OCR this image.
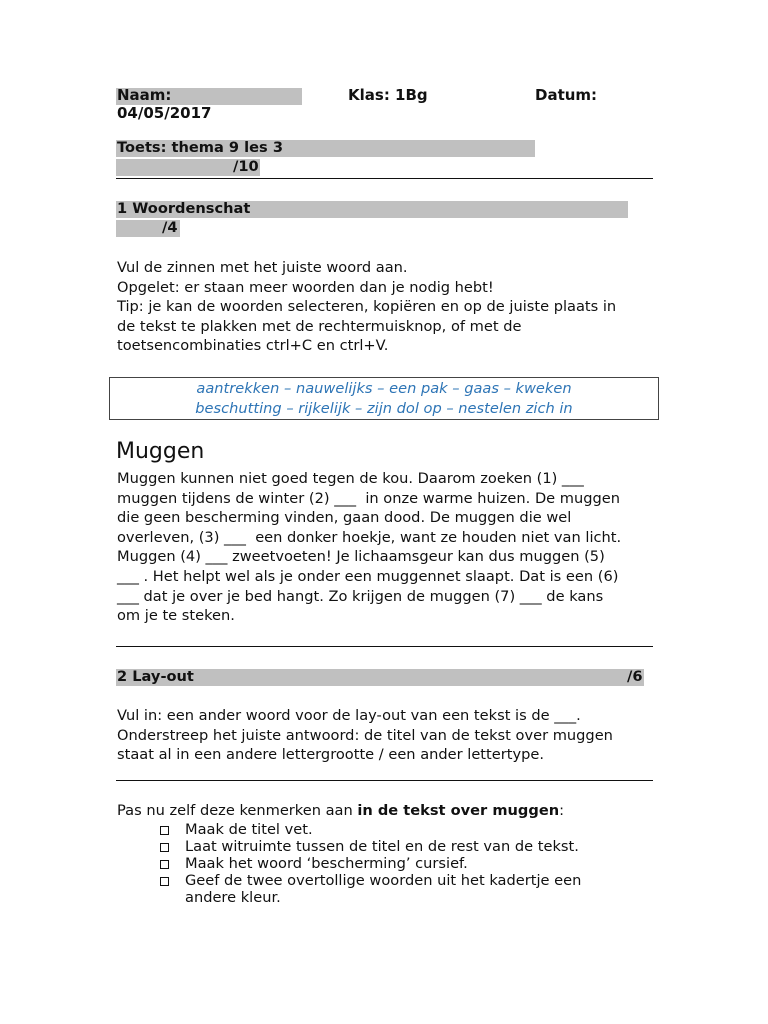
Naam:	Klas: 1Bg	Datum:
04/05/2017
Toets: thema 9 les 3
/10
1 Woordenschat
/4
Vul de zinnen met het juiste woord aan.
Opgelet: er staan meer woorden dan je nodig hebt!
Tip: je kan de woorden selecteren, kopiëren en op de juiste plaats in
de tekst te plakken met de rechtermuisknop, of met de
toetsencombinaties ctrl+C en ctrl+V.
aantrekken – nauwelijks – een pak – gaas – kweken
beschutting – rijkelijk – zijn dol op – nestelen zich in
Muggen
Muggen kunnen niet goed tegen de kou. Daarom zoeken (1) ___
muggen tijdens de winter (2) ___  in onze warme huizen. De muggen
die geen bescherming vinden, gaan dood. De muggen die wel
overleven, (3) ___  een donker hoekje, want ze houden niet van licht.
Muggen (4) ___ zweetvoeten! Je lichaamsgeur kan dus muggen (5)
___ . Het helpt wel als je onder een muggennet slaapt. Dat is een (6)
___ dat je over je bed hangt. Zo krijgen de muggen (7) ___ de kans
om je te steken.
2 Lay-out	/6
Vul in: een ander woord voor de lay-out van een tekst is de ___.
Onderstreep het juiste antwoord: de titel van de tekst over muggen
staat al in een andere lettergrootte / een ander lettertype.
Pas nu zelf deze kenmerken aan in de tekst over muggen:
Maak de titel vet.
Laat witruimte tussen de titel en de rest van de tekst.
Maak het woord ‘bescherming’ cursief.
Geef de twee overtollige woorden uit het kadertje een andere kleur.
